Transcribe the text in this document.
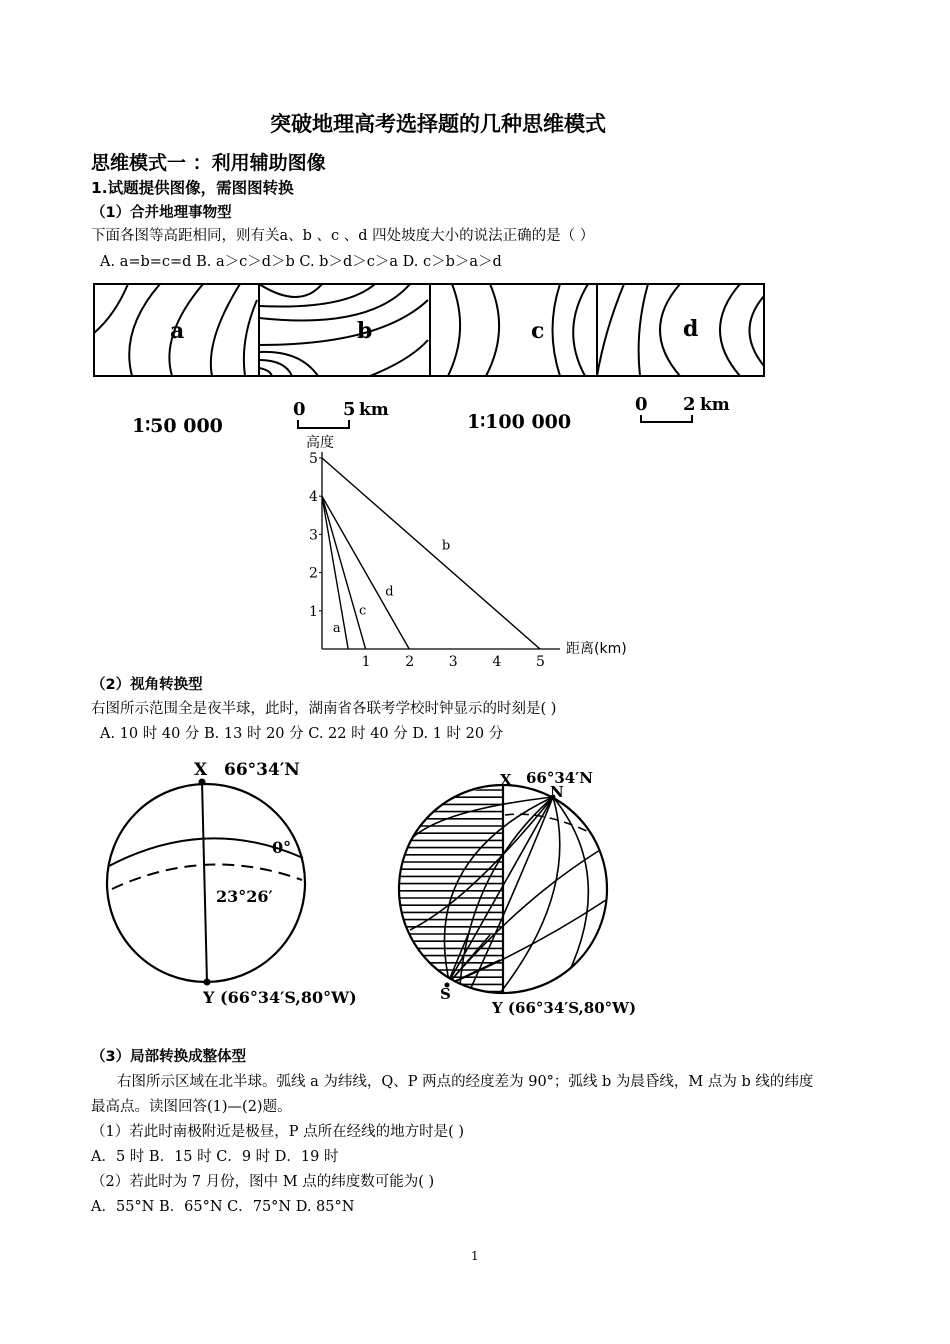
突破地理高考选择题的几种思维模式
思维模式一 ：利用辅助图像
1.试题提供图像，需图图转换
（1）合并地理事物型
下面各图等高距相同，则有关a、b 、c 、d 四处坡度大小的说法正确的是（ ）
A. a=b=c=d B. a＞c＞d＞b C. b＞d＞c＞a D. c＞b＞a＞d
a	b	c	d
1∶50 000
0 5 km
1∶100 000
0 2 km
高度
距离(km)
1
2
3
4
5
1 2 3 4 5
a
c
d
b
（2）视角转换型
右图所示范围全是夜半球，此时，湖南省各联考学校时钟显示的时刻是( )
A. 10 时 40 分 B. 13 时 20 分 C. 22 时 40 分 D. 1 时 20 分
X 66°34′N
0°
23°26′
Y (66°34′S,80°W)
X 66°34′N
N
S
Y (66°34′S,80°W)
（3）局部转换成整体型
右图所示区域在北半球。弧线 a 为纬线，Q、P 两点的经度差为 90°；弧线 b 为晨昏线，M 点为 b 线的纬度
最高点。读图回答(1)—(2)题。
（1）若此时南极附近是极昼，P 点所在经线的地方时是( )
A．5 时 B．15 时 C．9 时 D．19 时
（2）若此时为 7 月份，图中 M 点的纬度数可能为( )
A．55°N B．65°N C．75°N D. 85°N
1
